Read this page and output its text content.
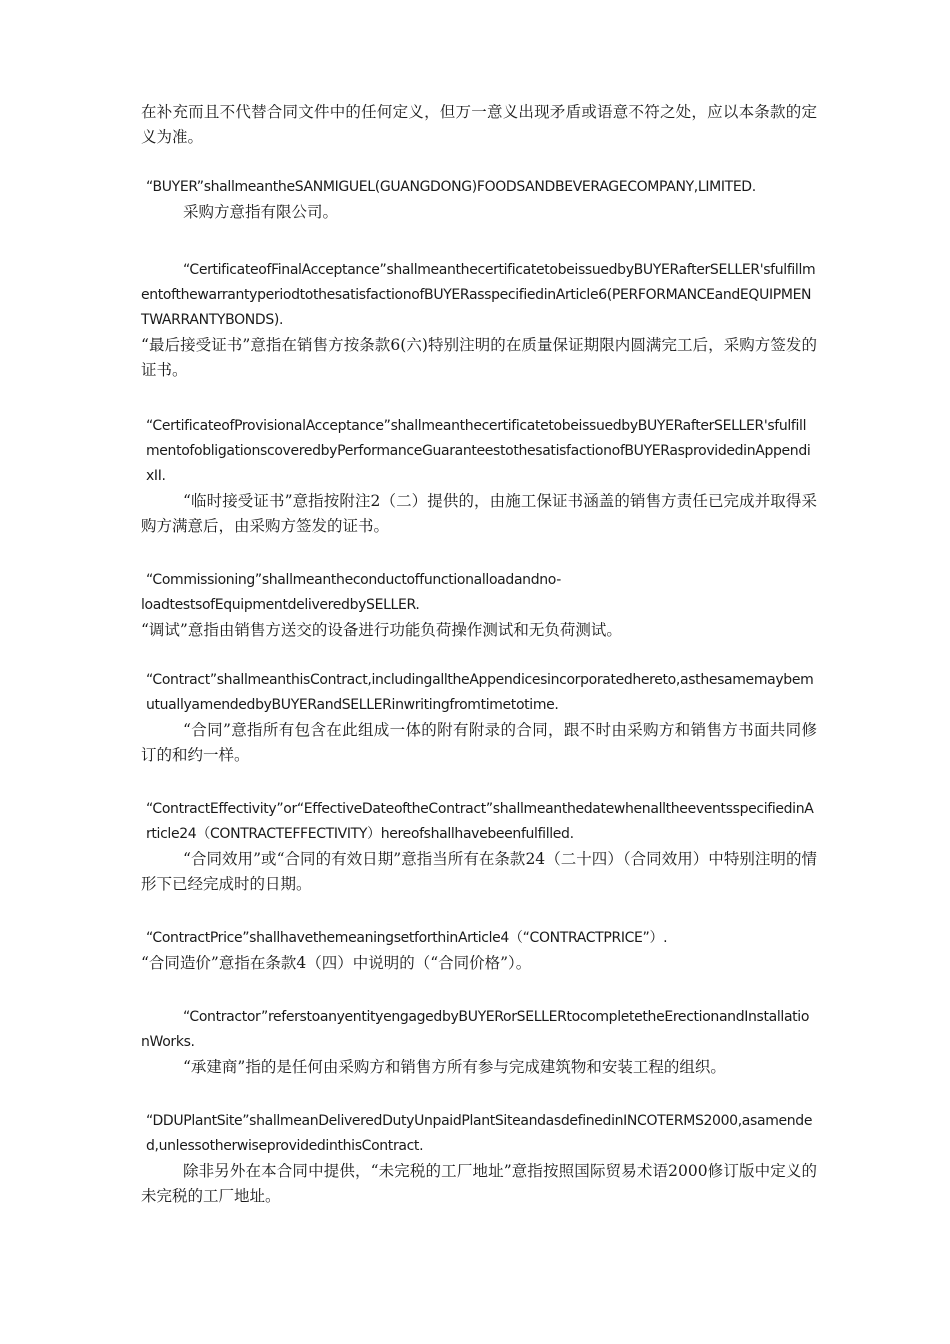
在补充而且不代替合同文件中的任何定义，但万一意义出现矛盾或语意不符之处，应以本条款的定义为准。

“BUYER”shallmeantheSANMIGUEL(GUANGDONG)FOODSANDBEVERAGECOMPANY,LIMITED.

采购方意指有限公司。

“CertificateofFinalAcceptance”shallmeanthecertificatetobeissuedbyBUYERafterSELLER'sfulfillmentofthewarrantyperiodtothesatisfactionofBUYERasspecifiedinArticle6(PERFORMANCEandEQUIPMENTWARRANTYBONDS).

“最后接受证书”意指在销售方按条款6(六)特别注明的在质量保证期限内圆满完工后，采购方签发的证书。

“CertificateofProvisionalAcceptance”shallmeanthecertificatetobeissuedbyBUYERafterSELLER'sfulfillmentofobligationscoveredbyPerformanceGuaranteestothesatisfactionofBUYERasprovidedinAppendixII.

“临时接受证书”意指按附注2（二）提供的，由施工保证书涵盖的销售方责任已完成并取得采购方满意后，由采购方签发的证书。

“Commissioning”shallmeantheconductoffunctionalloadandno-

loadtestsofEquipmentdeliveredbySELLER.

“调试”意指由销售方送交的设备进行功能负荷操作测试和无负荷测试。

“Contract”shallmeanthisContract,includingalltheAppendicesincorporatedhereto,asthesamemaybemutuallyamendedbyBUYERandSELLERinwritingfromtimetotime.

“合同”意指所有包含在此组成一体的附有附录的合同，跟不时由采购方和销售方书面共同修订的和约一样。

“ContractEffectivity”or“EffectiveDateoftheContract”shallmeanthedatewhenalltheeventsspecifiedinArticle24（CONTRACTEFFECTIVITY）hereofshallhavebeenfulfilled.

“合同效用”或“合同的有效日期”意指当所有在条款24（二十四）（合同效用）中特别注明的情形下已经完成时的日期。

“ContractPrice”shallhavethemeaningsetforthinArticle4（“CONTRACTPRICE”）.

“合同造价”意指在条款4（四）中说明的（“合同价格”）。

“Contractor”referstoanyentityengagedbyBUYERorSELLERtocompletetheErectionandInstallationWorks.

“承建商”指的是任何由采购方和销售方所有参与完成建筑物和安装工程的组织。

“DDUPlantSite”shallmeanDeliveredDutyUnpaidPlantSiteandasdefinedinINCOTERMS2000,asamended,unlessotherwiseprovidedinthisContract.

除非另外在本合同中提供，“未完税的工厂地址”意指按照国际贸易术语2000修订版中定义的未完税的工厂地址。
